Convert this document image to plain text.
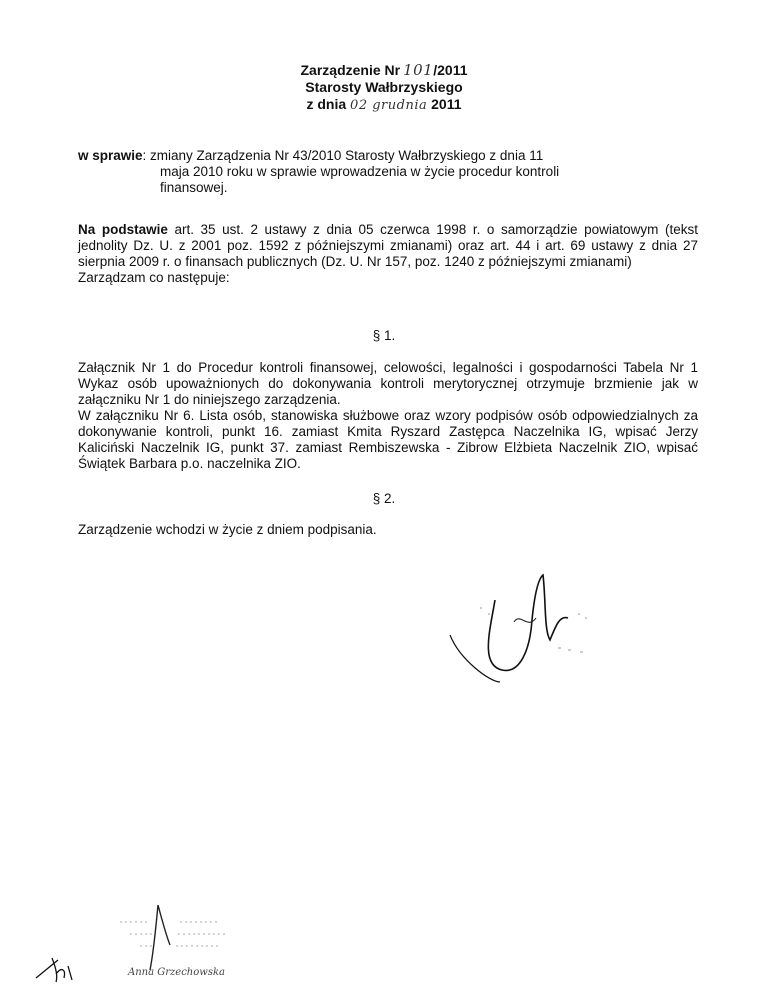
Zarządzenie Nr 101/2011
Starosty Wałbrzyskiego
z dnia 02 grudnia 2011
w sprawie: zmiany Zarządzenia Nr 43/2010 Starosty Wałbrzyskiego z dnia 11
maja 2010 roku w sprawie wprowadzenia w życie procedur kontroli
finansowej.
Na podstawie art. 35 ust. 2 ustawy z dnia 05 czerwca 1998 r. o samorządzie powiatowym (tekst jednolity Dz. U. z 2001 poz. 1592 z późniejszymi zmianami) oraz art. 44 i art. 69 ustawy z dnia 27 sierpnia 2009 r. o finansach publicznych (Dz. U. Nr 157, poz. 1240 z późniejszymi zmianami)
Zarządzam co następuje:
§ 1.
Załącznik Nr 1 do Procedur kontroli finansowej, celowości, legalności i gospodarności Tabela Nr 1 Wykaz osób upoważnionych do dokonywania kontroli merytorycznej otrzymuje brzmienie jak w załączniku Nr 1 do niniejszego zarządzenia.
W załączniku Nr 6. Lista osób, stanowiska służbowe oraz wzory podpisów osób odpowiedzialnych za dokonywanie kontroli, punkt 16. zamiast Kmita Ryszard Zastępca Naczelnika IG, wpisać Jerzy Kaliciński Naczelnik IG, punkt 37. zamiast Rembiszewska - Zibrow Elżbieta Naczelnik ZIO, wpisać Świątek Barbara p.o. naczelnika ZIO.
§ 2.
Zarządzenie wchodzi w życie z dniem podpisania.
Anna Grzechowska
